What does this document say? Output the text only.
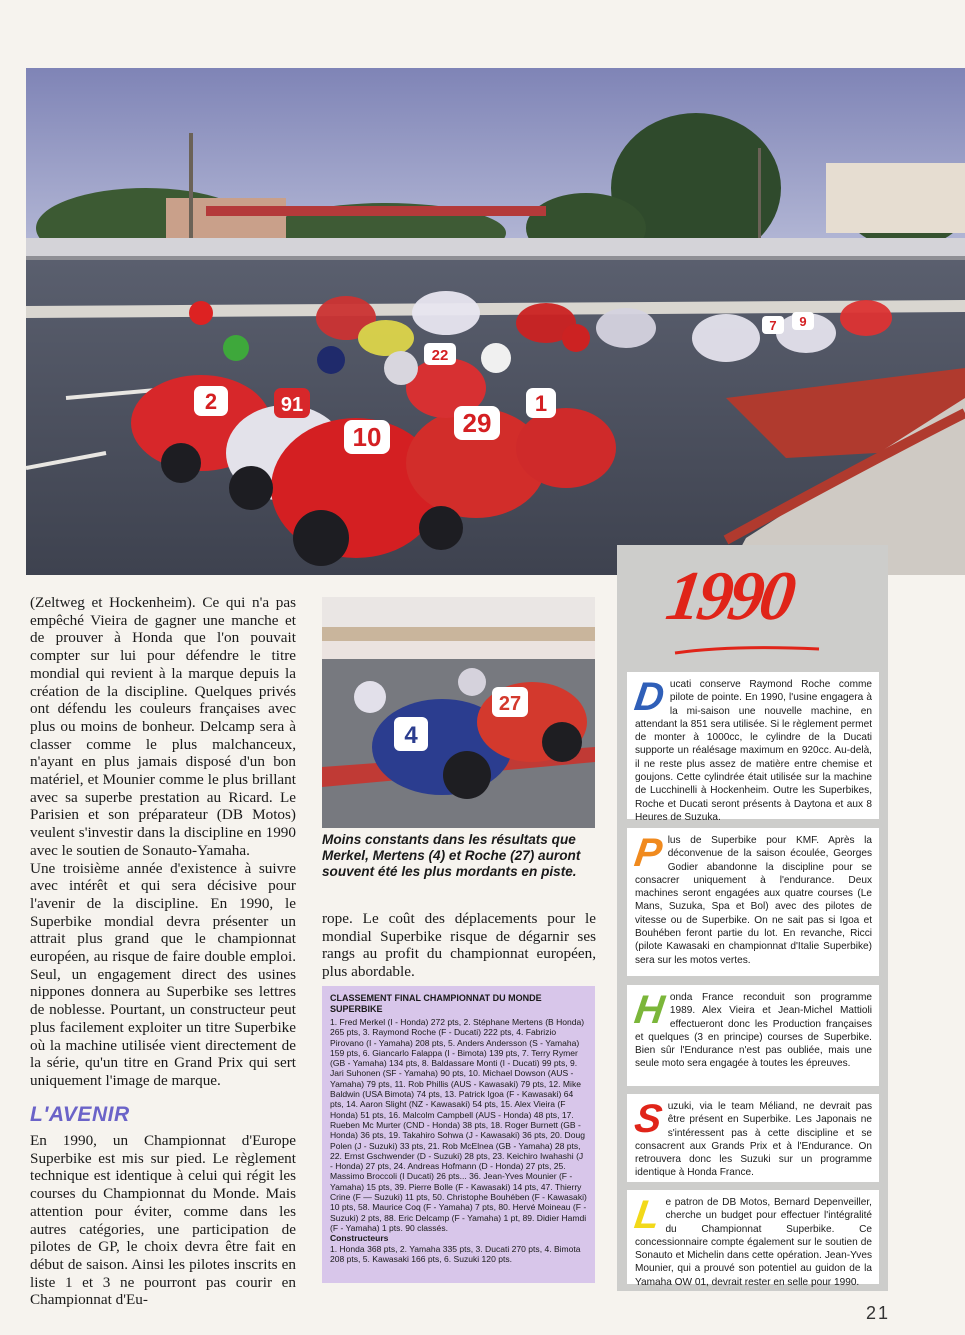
10	29
2	91	1
22
7 9

(Zeltweg et Hockenheim). Ce qui n'a pas empêché Vieira de gagner une manche et de prouver à Honda que l'on pouvait compter sur lui pour défendre le titre mondial qui revient à la marque depuis la création de la discipline. Quelques privés ont défendu les couleurs françaises avec plus ou moins de bonheur. Delcamp sera à classer comme le plus malchanceux, n'ayant en plus jamais disposé d'un bon matériel, et Mounier comme le plus brillant avec sa superbe prestation au Ricard. Le Parisien et son préparateur (DB Motos) veulent s'investir dans la discipline en 1990 avec le soutien de Sonauto-Yamaha.

Une troisième année d'existence à suivre avec intérêt et qui sera décisive pour l'avenir de la discipline. En 1990, le Superbike mondial devra présenter un attrait plus grand que le championnat européen, au risque de faire double emploi. Seul, un engagement direct des usines nippones donnera au Superbike ses lettres de noblesse. Pourtant, un constructeur peut plus facilement exploiter un titre Superbike où la machine utilisée vient directement de la série, qu'un titre en Grand Prix qui sert uniquement l'image de marque.

L'AVENIR

En 1990, un Championnat d'Europe Superbike est mis sur pied. Le règlement technique est identique à celui qui régit les courses du Championnat du Monde. Mais attention pour éviter, comme dans les autres catégories, une participation de pilotes de GP, le choix devra être fait en début de saison. Ainsi les pilotes inscrits en liste 1 et 3 ne pourront pas courir en Championnat d'Eu-

4
27
Moins constants dans les résultats que Merkel, Mertens (4) et Roche (27) auront souvent été les plus mordants en piste.

rope. Le coût des déplacements pour le mondial Superbike risque de dégarnir ses rangs au profit du championnat européen, plus abordable.

CLASSEMENT FINAL CHAMPIONNAT DU MONDE SUPERBIKE
1. Fred Merkel (I - Honda) 272 pts, 2. Stéphane Mertens (B Honda) 265 pts, 3. Raymond Roche (F - Ducati) 222 pts, 4. Fabrizio Pirovano (I - Yamaha) 208 pts, 5. Anders Andersson (S - Yamaha) 159 pts, 6. Giancarlo Falappa (I - Bimota) 139 pts, 7. Terry Rymer (GB - Yamaha) 134 pts, 8. Baldassare Monti (I - Ducati) 99 pts, 9. Jari Suhonen (SF - Yamaha) 90 pts, 10. Michael Dowson (AUS - Yamaha) 79 pts, 11. Rob Phillis (AUS - Kawasaki) 79 pts, 12. Mike Baldwin (USA Bimota) 74 pts, 13. Patrick Igoa (F - Kawasaki) 64 pts, 14. Aaron Slight (NZ - Kawasaki) 54 pts, 15. Alex Vieira (F Honda) 51 pts, 16. Malcolm Campbell (AUS - Honda) 48 pts, 17. Rueben Mc Murter (CND - Honda) 38 pts, 18. Roger Burnett (GB - Honda) 36 pts, 19. Takahiro Sohwa (J - Kawasaki) 36 pts, 20. Doug Polen (J - Suzuki) 33 pts, 21. Rob McElnea (GB - Yamaha) 28 pts, 22. Ernst Gschwender (D - Suzuki) 28 pts, 23. Keichiro Iwahashi (J - Honda) 27 pts, 24. Andreas Hofmann (D - Honda) 27 pts, 25. Massimo Broccoli (I Ducati) 26 pts... 36. Jean-Yves Mounier (F - Yamaha) 15 pts, 39. Pierre Bolle (F - Kawasaki) 14 pts, 47. Thierry Crine (F — Suzuki) 11 pts, 50. Christophe Bouhében (F - Kawasaki) 10 pts, 58. Maurice Coq (F - Yamaha) 7 pts, 80. Hervé Moineau (F - Suzuki) 2 pts, 88. Eric Delcamp (F - Yamaha) 1 pt, 89. Didier Hamdi (F - Yamaha) 1 pts. 90 classés.
Constructeurs
1. Honda 368 pts, 2. Yamaha 335 pts, 3. Ducati 270 pts, 4. Bimota 208 pts, 5. Kawasaki 166 pts, 6. Suzuki 120 pts.
1990
D ucati conserve Raymond Roche comme pilote de pointe. En 1990, l'usine engagera à la mi-saison une nouvelle machine, en attendant la 851 sera utilisée. Si le règlement permet de monter à 1000cc, le cylindre de la Ducati supporte un réalésage maximum en 920cc. Au-delà, il ne reste plus assez de matière entre chemise et goujons. Cette cylindrée était utilisée sur la machine de Lucchinelli à Hockenheim. Outre les Superbikes, Roche et Ducati seront présents à Daytona et aux 8 Heures de Suzuka.
P lus de Superbike pour KMF. Après la déconvenue de la saison écoulée, Georges Godier abandonne la discipline pour se consacrer uniquement à l'endurance. Deux machines seront engagées aux quatre courses (Le Mans, Suzuka, Spa et Bol) avec des pilotes de vitesse ou de Superbike. On ne sait pas si Igoa et Bouhében feront partie du lot. En revanche, Ricci (pilote Kawasaki en championnat d'Italie Superbike) sera sur les motos vertes.
H onda France reconduit son programme 1989. Alex Vieira et Jean-Michel Mattioli effectueront donc les Production françaises et quelques (3 en principe) courses de Superbike. Bien sûr l'Endurance n'est pas oubliée, mais une seule moto sera engagée à toutes les épreuves.
S uzuki, via le team Méliand, ne devrait pas être présent en Superbike. Les Japonais ne s'intéressent pas à cette discipline et se consacrent aux Grands Prix et à l'Endurance. On retrouvera donc les Suzuki sur un programme identique à Honda France.
L e patron de DB Motos, Bernard Depenveiller, cherche un budget pour effectuer l'intégralité du Championnat Superbike. Ce concessionnaire compte également sur le soutien de Sonauto et Michelin dans cette opération. Jean-Yves Mounier, qui a prouvé son potentiel au guidon de la Yamaha OW 01, devrait rester en selle pour 1990.
21
